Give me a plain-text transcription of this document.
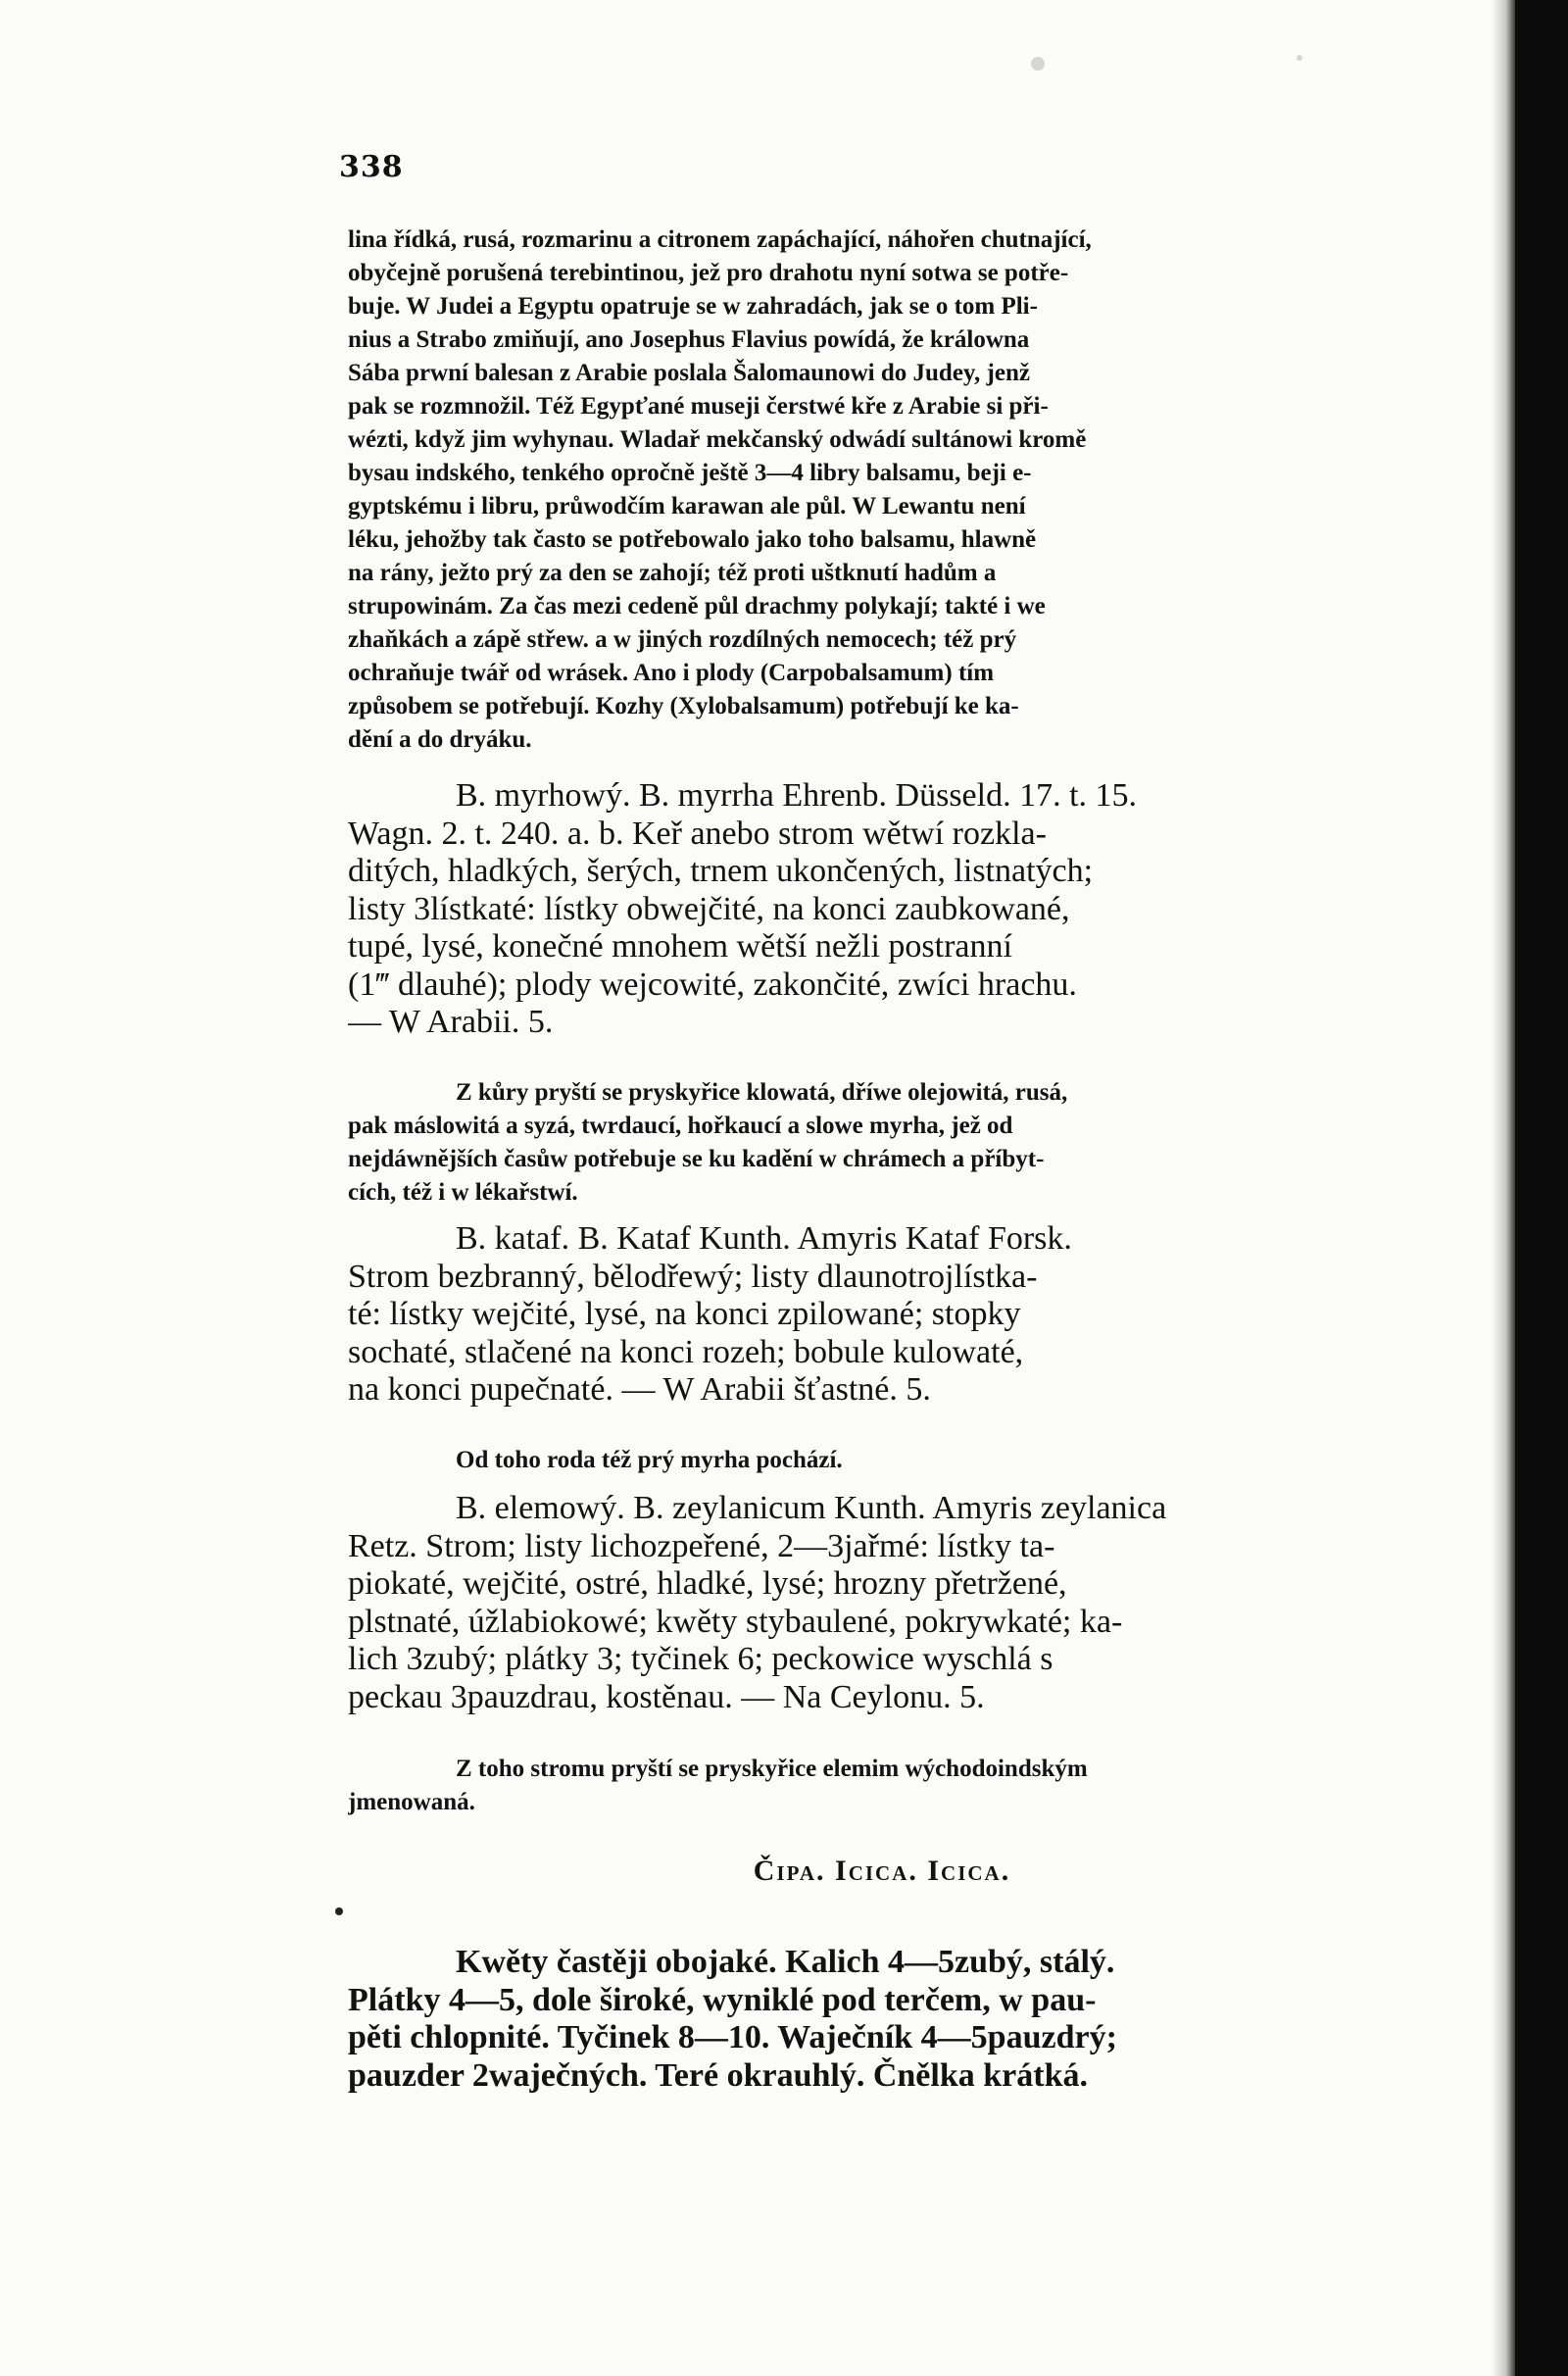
338
lina řídká, rusá, rozmarinu a citronem zapáchající, náhořen chutnající,
obyčejně porušená terebintinou, jež pro drahotu nyní sotwa se potře-
buje. W Judei a Egyptu opatruje se w zahradách, jak se o tom Pli-
nius a Strabo zmiňují, ano Josephus Flavius powídá, že králowna
Sába prwní balesan z Arabie poslala Šalomaunowi do Judey, jenž
pak se rozmnožil. Též Egypťané museji čerstwé kře z Arabie si při-
wézti, když jim wyhynau. Wladař mekčanský odwádí sultánowi kromě
bysau indského, tenkého opročně ještě 3—4 libry balsamu, beji e-
gyptskému i libru, průwodčím karawan ale půl. W Lewantu není
léku, jehožby tak často se potřebowalo jako toho balsamu, hlawně
na rány, ježto prý za den se zahojí; též proti uštknutí hadům a
strupowinám. Za čas mezi cedeně půl drachmy polykají; takté i we
zhaňkách a zápě střew. a w jiných rozdílných nemocech; též prý
ochraňuje twář od wrásek. Ano i plody (Carpobalsamum) tím
způsobem se potřebují. Kozhy (Xylobalsamum) potřebují ke ka-
dění a do dryáku.
B. myrhowý. B. myrrha Ehrenb. Düsseld. 17. t. 15.
Wagn. 2. t. 240. a. b. Keř anebo strom wětwí rozkla-
ditých, hladkých, šerých, trnem ukončených, listnatých;
listy 3lístkaté: lístky obwejčité, na konci zaubkowané,
tupé, lysé, konečné mnohem wětší nežli postranní
(1‴ dlauhé); plody wejcowité, zakončité, zwíci hrachu.
— W Arabii. 5.
Z kůry pryští se pryskyřice klowatá, dříwe olejowitá, rusá,
pak máslowitá a syzá, twrdaucí, hořkaucí a slowe myrha, jež od
nejdáwnějších časůw potřebuje se ku kadění w chrámech a příbyt-
cích, též i w lékařstwí.
B. kataf. B. Kataf Kunth. Amyris Kataf Forsk.
Strom bezbranný, bělodřewý; listy dlaunotrojlístka-
té: lístky wejčité, lysé, na konci zpilowané; stopky
sochaté, stlačené na konci rozeh; bobule kulowaté,
na konci pupečnaté. — W Arabii šťastné. 5.
Od toho roda též prý myrha pochází.
B. elemowý. B. zeylanicum Kunth. Amyris zeylanica
Retz. Strom; listy lichozpeřené, 2—3jařmé: lístky ta-
piokaté, wejčité, ostré, hladké, lysé; hrozny přetržené,
plstnaté, úžlabiokowé; kwěty stybaulené, pokrywkaté; ka-
lich 3zubý; plátky 3; tyčinek 6; peckowice wyschlá s
peckau 3pauzdrau, kostěnau. — Na Ceylonu. 5.
Z toho stromu pryští se pryskyřice elemim wýchodoindským
jmenowaná.
Čipa. Icica. Icica.
Kwěty častěji obojaké. Kalich 4—5zubý, stálý.
Plátky 4—5, dole široké, wyniklé pod terčem, w pau-
pěti chlopnité. Tyčinek 8—10. Waječník 4—5pauzdrý;
pauzder 2waječných. Teré okrauhlý. Čnělka krátká.
